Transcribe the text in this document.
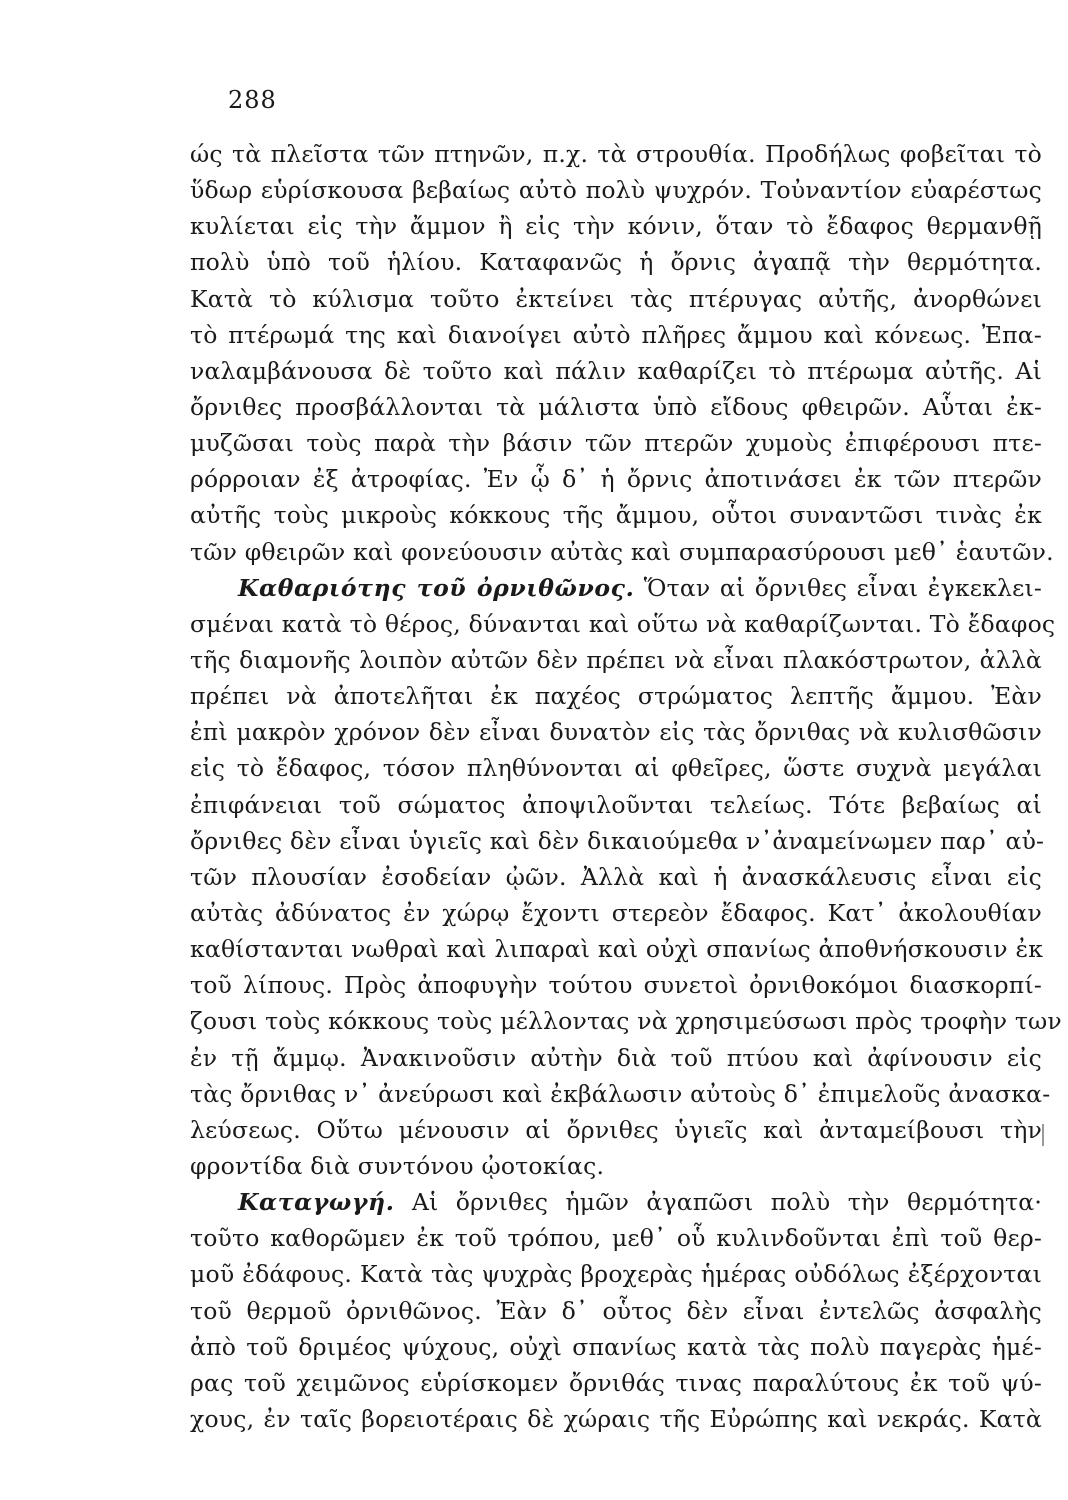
288
ώς τὰ πλεῖστα τῶν πτηνῶν, π.χ. τὰ στρουθία. Προδήλως φοβεῖται τὸ
ὕδωρ εὑρίσκουσα βεβαίως αὐτὸ πολὺ ψυχρόν. Τοὐναντίον εὐαρέστως
κυλίεται εἰς τὴν ἄμμον ἢ εἰς τὴν κόνιν, ὅταν τὸ ἔδαφος θερμανθῇ
πολὺ ὑπὸ τοῦ ἡλίου. Καταφανῶς ἡ ὄρνις ἀγαπᾷ τὴν θερμότητα.
Κατὰ τὸ κύλισμα τοῦτο ἐκτείνει τὰς πτέρυγας αὐτῆς, ἀνορθώνει
τὸ πτέρωμά της καὶ διανοίγει αὐτὸ πλῆρες ἄμμου καὶ κόνεως. Ἐπα-
ναλαμβάνουσα δὲ τοῦτο καὶ πάλιν καθαρίζει τὸ πτέρωμα αὐτῆς. Αἱ
ὄρνιθες προσβάλλονται τὰ μάλιστα ὑπὸ εἴδους φθειρῶν. Αὗται ἐκ-
μυζῶσαι τοὺς παρὰ τὴν βάσιν τῶν πτερῶν χυμοὺς ἐπιφέρουσι πτε-
ρόρροιαν ἐξ ἀτροφίας. Ἐν ᾧ δ᾽ ἡ ὄρνις ἀποτινάσει ἐκ τῶν πτερῶν
αὐτῆς τοὺς μικροὺς κόκκους τῆς ἄμμου, οὗτοι συναντῶσι τινὰς ἐκ
τῶν φθειρῶν καὶ φονεύουσιν αὐτὰς καὶ συμπαρασύρουσι μεθ᾽ ἑαυτῶν.
Καθαριότης τοῦ ὀρνιθῶνος. Ὅταν αἱ ὄρνιθες εἶναι ἐγκεκλει-
σμέναι κατὰ τὸ θέρος, δύνανται καὶ οὕτω νὰ καθαρίζωνται. Τὸ ἔδαφος
τῆς διαμονῆς λοιπὸν αὐτῶν δὲν πρέπει νὰ εἶναι πλακόστρωτον, ἀλλὰ
πρέπει νὰ ἀποτελῆται ἐκ παχέος στρώματος λεπτῆς ἄμμου. Ἐὰν
ἐπὶ μακρὸν χρόνον δὲν εἶναι δυνατὸν εἰς τὰς ὄρνιθας νὰ κυλισθῶσιν
εἰς τὸ ἔδαφος, τόσον πληθύνονται αἱ φθεῖρες, ὥστε συχνὰ μεγάλαι
ἐπιφάνειαι τοῦ σώματος ἀποψιλοῦνται τελείως. Τότε βεβαίως αἱ
ὄρνιθες δὲν εἶναι ὑγιεῖς καὶ δὲν δικαιούμεθα ν᾽ἀναμείνωμεν παρ᾽ αὐ-
τῶν πλουσίαν ἐσοδείαν ᾠῶν. Ἀλλὰ καὶ ἡ ἀνασκάλευσις εἶναι εἰς
αὐτὰς ἀδύνατος ἐν χώρῳ ἔχοντι στερεὸν ἔδαφος. Κατ᾽ ἀκολουθίαν
καθίστανται νωθραὶ καὶ λιπαραὶ καὶ οὐχὶ σπανίως ἀποθνήσκουσιν ἐκ
τοῦ λίπους. Πρὸς ἀποφυγὴν τούτου συνετοὶ ὀρνιθοκόμοι διασκορπί-
ζουσι τοὺς κόκκους τοὺς μέλλοντας νὰ χρησιμεύσωσι πρὸς τροφὴν των
ἐν τῇ ἄμμῳ. Ἀνακινοῦσιν αὐτὴν διὰ τοῦ πτύου καὶ ἀφίνουσιν εἰς
τὰς ὄρνιθας ν᾽ ἀνεύρωσι καὶ ἐκβάλωσιν αὐτοὺς δ᾽ ἐπιμελοῦς ἀνασκα-
λεύσεως. Οὕτω μένουσιν αἱ ὄρνιθες ὑγιεῖς καὶ ἀνταμείβουσι τὴν
φροντίδα διὰ συντόνου ᾠοτοκίας.
Καταγωγή. Αἱ ὄρνιθες ἡμῶν ἀγαπῶσι πολὺ τὴν θερμότητα·
τοῦτο καθορῶμεν ἐκ τοῦ τρόπου, μεθ᾽ οὗ κυλινδοῦνται ἐπὶ τοῦ θερ-
μοῦ ἐδάφους. Κατὰ τὰς ψυχρὰς βροχερὰς ἡμέρας οὐδόλως ἐξέρχονται
τοῦ θερμοῦ ὀρνιθῶνος. Ἐὰν δ᾽ οὗτος δὲν εἶναι ἐντελῶς ἀσφαλὴς
ἀπὸ τοῦ δριμέος ψύχους, οὐχὶ σπανίως κατὰ τὰς πολὺ παγερὰς ἡμέ-
ρας τοῦ χειμῶνος εὑρίσκομεν ὄρνιθάς τινας παραλύτους ἐκ τοῦ ψύ-
χους, ἐν ταῖς βορειοτέραις δὲ χώραις τῆς Εὐρώπης καὶ νεκράς. Κατὰ
